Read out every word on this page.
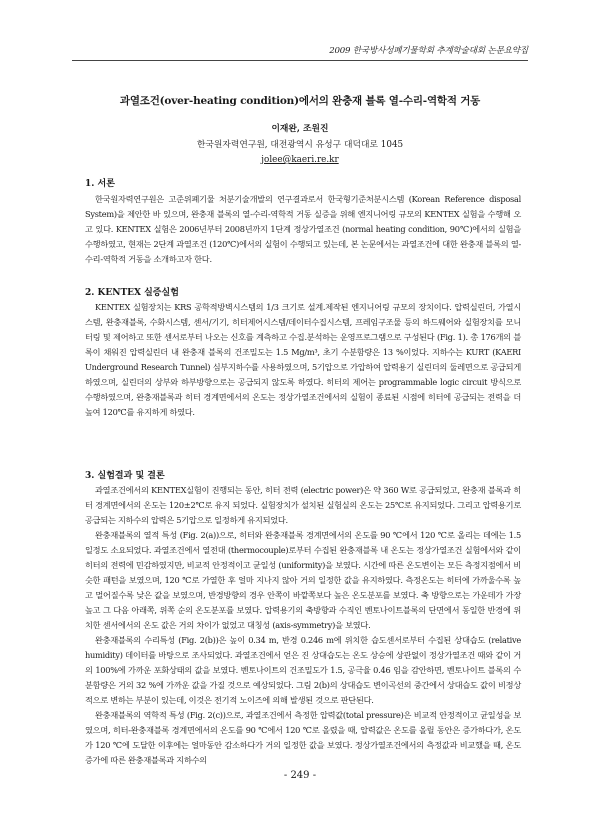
2009 한국방사성폐기물학회 추계학술대회 논문요약집
과열조건(over-heating condition)에서의 완충재 블록 열-수리-역학적 거동
이재완, 조원진
한국원자력연구원, 대전광역시 유성구 대덕대로 1045
jolee@kaeri.re.kr
1. 서론

한국원자력연구원은 고준위폐기물 처분기술개발의 연구결과로서 한국형기준처분시스템 (Korean Reference disposal System)을 제안한 바 있으며, 완충재 블록의 열-수리-역학적 거동 실증을 위해 엔지니어링 규모의 KENTEX 실험을 수행해 오고 있다. KENTEX 실험은 2006년부터 2008년까지 1단계 정상가열조건 (normal heating condition, 90℃)에서의 실험을 수행하였고, 현재는 2단계 과열조건 (120℃)에서의 실험이 수행되고 있는데, 본 논문에서는 과열조건에 대한 완충재 블록의 열-수리-역학적 거동을 소개하고자 한다.

2. KENTEX 실증실험

KENTEX 실험장치는 KRS 공학적방벽시스템의 1/3 크기로 설계.제작된 엔지니어링 규모의 장치이다. 압력실린더, 가열시스템, 완충재블록, 수화시스템, 센서/기기, 히터제어시스템/데이터수집시스템, 프레임구조물 등의 하드웨어와 실험장치를 모니터링 및 제어하고 또한 센서로부터 나오는 신호를 계측하고 수집.분석하는 운영프로그램으로 구성된다 (Fig. 1). 총 176개의 블록이 채워진 압력실린더 내 완충재 블록의 건조밀도는 1.5 Mg/m³, 초기 수분함량은 13 %이었다. 지하수는 KURT (KAERI Underground Research Tunnel) 심부지하수를 사용하였으며, 5기압으로 가압하여 압력용기 실린더의 둘레면으로 공급되게 하였으며, 실린더의 상부와 하부방향으로는 공급되지 않도록 하였다. 히터의 제어는 programmable logic circuit 방식으로 수행하였으며, 완충재블록과 히터 경계면에서의 온도는 정상가열조건에서의 실험이 종료된 시점에 히터에 공급되는 전력을 더 높여 120℃를 유지하게 하였다.

3. 실험결과 및 결론

과열조건에서의 KENTEX실험이 진행되는 동안, 히터 전력 (electric power)은 약 360 W로 공급되었고, 완충재 블록과 히터 경계면에서의 온도는 120±2℃로 유지 되었다. 실험장치가 설치된 실험실의 온도는 25℃로 유지되었다. 그리고 압력용기로 공급되는 지하수의 압력은 5기압으로 일정하게 유지되었다.

완충재블록의 열적 특성 (Fig. 2(a))으로, 히터와 완충재블록 경계면에서의 온도를 90 ℃에서 120 ℃로 올리는 데에는 1.5일정도 소요되었다. 과열조건에서 열전대 (thermocouple)로부터 수집된 완충재블록 내 온도는 정상가열조건 실험에서와 같이 히터의 전력에 민감하였지만, 비교적 안정적이고 균일성 (uniformity)을 보였다. 시간에 따른 온도변이는 모든 측정지점에서 비슷한 패턴을 보였으며, 120 ℃로 가열한 후 얼마 지나지 않아 거의 일정한 값을 유지하였다. 측정온도는 히터에 가까울수록 높고 멀어질수록 낮은 값을 보였으며, 반경방향의 경우 안쪽이 바깥쪽보다 높은 온도분포를 보였다. 축 방향으로는 가운데가 가장 높고 그 다음 아래쪽, 위쪽 순의 온도분포를 보였다. 압력용기의 축방향과 수직인 벤토나이트블록의 단면에서 동일한 반경에 위치한 센서에서의 온도 값은 거의 차이가 없었고 대칭성 (axis-symmetry)을 보였다.

완충재블록의 수리특성 (Fig. 2(b))은 높이 0.34 m, 반경 0.246 m에 위치한 습도센서로부터 수집된 상대습도 (relative humidity) 데이터를 바탕으로 조사되었다. 과열조건에서 얻은 진 상대습도는 온도 상승에 상관없이 정상가열조건 때와 같이 거의 100%에 가까운 포화상태의 값을 보였다. 벤토나이트의 건조밀도가 1.5, 공극율 0.46 임을 감안하면, 벤토나이트 블록의 수분함량은 거의 32 %에 가까운 값을 가질 것으로 예상되었다. 그림 2(b)의 상대습도 변이곡선의 중간에서 상대습도 값이 비정상적으로 변하는 부분이 있는데, 이것은 전기적 노이즈에 의해 발생된 것으로 판단된다.

완충재블록의 역학적 특성 (Fig. 2(c))으로, 과열조건에서 측정한 압력값(total pressure)은 비교적 안정적이고 균일성을 보였으며, 히터-완충재블록 경계면에서의 온도를 90 ℃에서 120 ℃로 올렸을 때, 압력값은 온도를 올릴 동안은 증가하다가, 온도가 120 ℃에 도달한 이후에는 얼마동안 감소하다가 거의 일정한 값을 보였다. 정상가열조건에서의 측정값과 비교했을 때, 온도 증가에 따른 완충재블록과 지하수의

- 249 -
